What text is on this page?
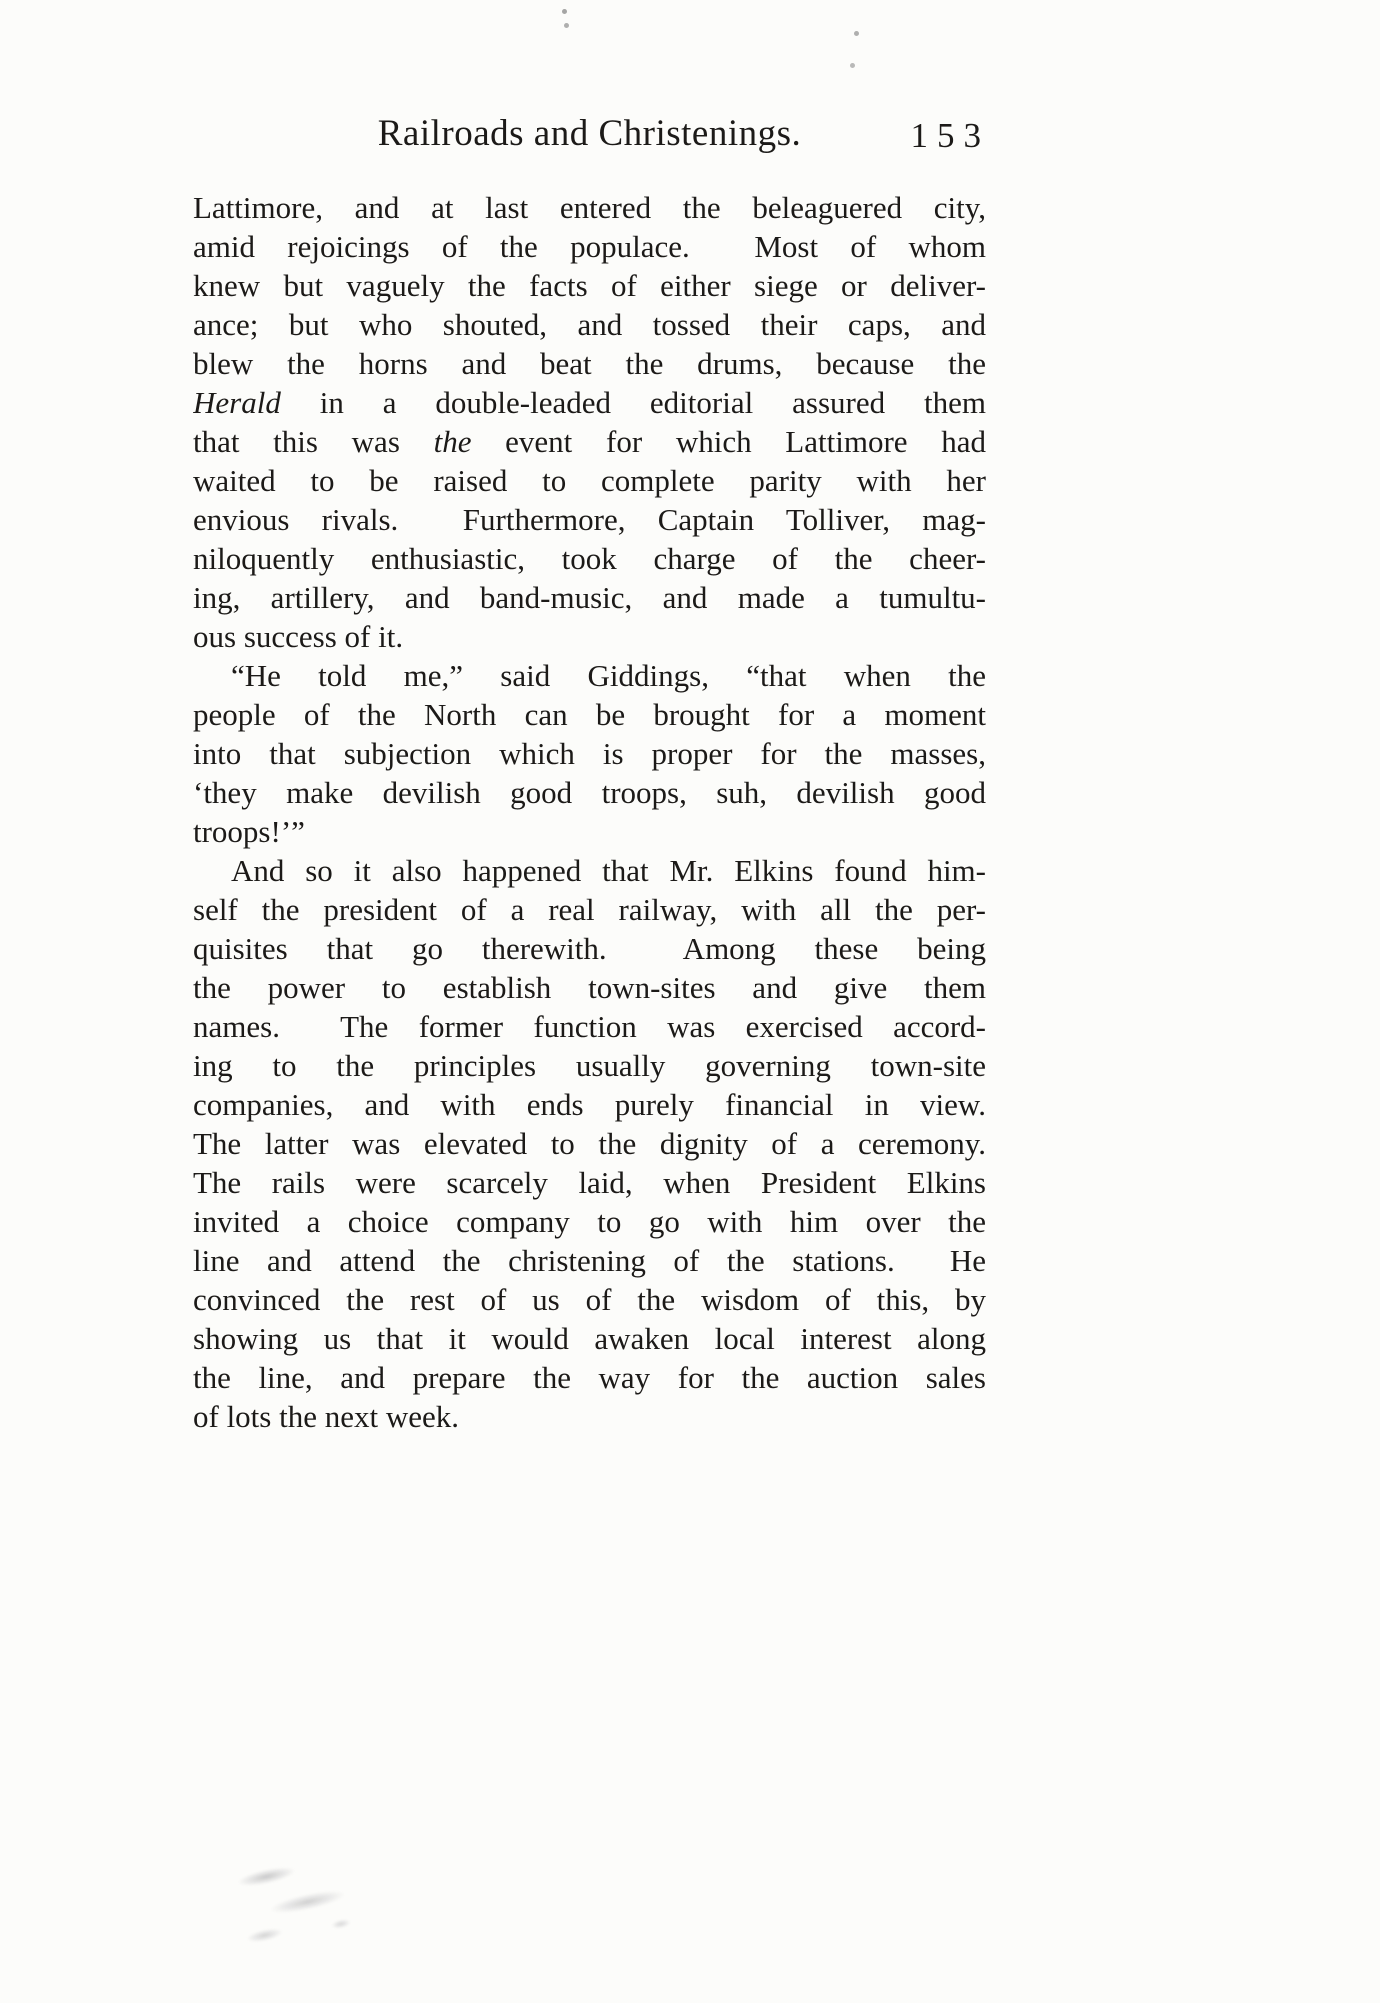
Railroads and Christenings.	153
Lattimore, and at last entered the beleaguered city,
amid rejoicings of the populace.  Most of whom
knew but vaguely the facts of either siege or deliver-
ance; but who shouted, and tossed their caps, and
blew the horns and beat the drums, because the
Herald in a double-leaded editorial assured them
that this was the event for which Lattimore had
waited to be raised to complete parity with her
envious rivals.  Furthermore, Captain Tolliver, mag-
niloquently enthusiastic, took charge of the cheer-
ing, artillery, and band-music, and made a tumultu-
ous success of it.
“He told me,” said Giddings, “that when the
people of the North can be brought for a moment
into that subjection which is proper for the masses,
‘they make devilish good troops, suh, devilish good
troops!’”
And so it also happened that Mr. Elkins found him-
self the president of a real railway, with all the per-
quisites that go therewith.  Among these being
the power to establish town-sites and give them
names.  The former function was exercised accord-
ing to the principles usually governing town-site
companies, and with ends purely financial in view.
The latter was elevated to the dignity of a ceremony.
The rails were scarcely laid, when President Elkins
invited a choice company to go with him over the
line and attend the christening of the stations.  He
convinced the rest of us of the wisdom of this, by
showing us that it would awaken local interest along
the line, and prepare the way for the auction sales
of lots the next week.
